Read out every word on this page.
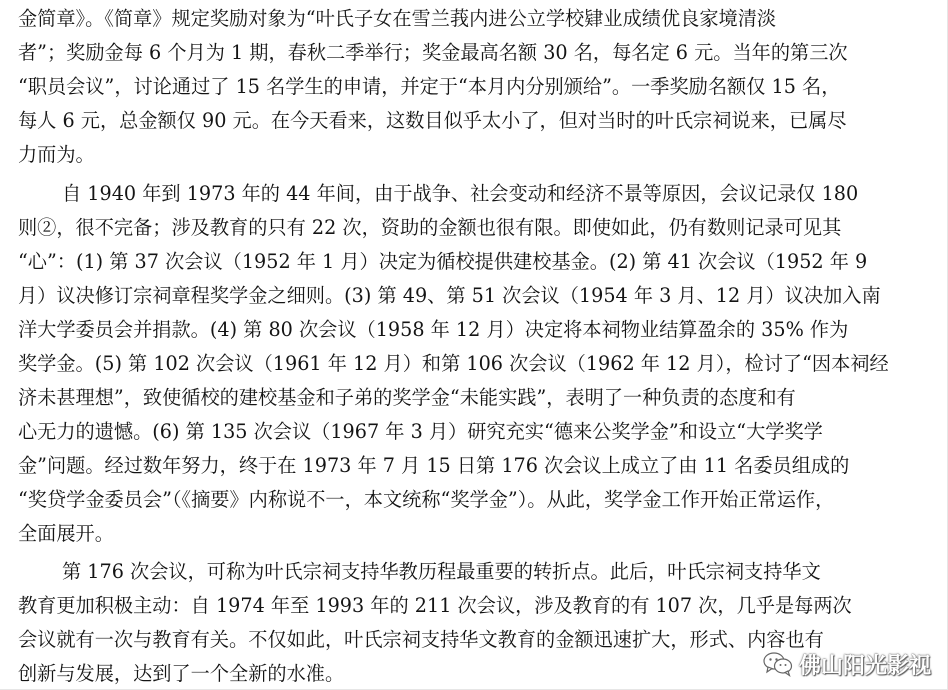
金简章》。《简章》规定奖励对象为“叶氏子女在雪兰莪内进公立学校肄业成绩优良家境清淡
者”；奖励金每 6 个月为 1 期，春秋二季举行；奖金最高名额 30 名，每名定 6 元。当年的第三次
“职员会议”，讨论通过了 15 名学生的申请，并定于“本月内分别颁给”。一季奖励名额仅 15 名，
每人 6 元，总金额仅 90 元。在今天看来，这数目似乎太小了，但对当时的叶氏宗祠说来，已属尽
力而为。
自 1940 年到 1973 年的 44 年间，由于战争、社会变动和经济不景等原因，会议记录仅 180
则②，很不完备；涉及教育的只有 22 次，资助的金额也很有限。即使如此，仍有数则记录可见其
“心”：(1) 第 37 次会议（1952 年 1 月）决定为循校提供建校基金。(2) 第 41 次会议（1952 年 9
月）议决修订宗祠章程奖学金之细则。(3) 第 49、第 51 次会议（1954 年 3 月、12 月）议决加入南
洋大学委员会并捐款。(4) 第 80 次会议（1958 年 12 月）决定将本祠物业结算盈余的 35% 作为
奖学金。(5) 第 102 次会议（1961 年 12 月）和第 106 次会议（1962 年 12 月），检讨了“因本祠经
济未甚理想”，致使循校的建校基金和子弟的奖学金“未能实践”，表明了一种负责的态度和有
心无力的遗憾。(6) 第 135 次会议（1967 年 3 月）研究充实“德来公奖学金”和设立“大学奖学
金”问题。经过数年努力，终于在 1973 年 7 月 15 日第 176 次会议上成立了由 11 名委员组成的
“奖贷学金委员会”（《摘要》内称说不一，本文统称“奖学金”）。从此，奖学金工作开始正常运作，
全面展开。
第 176 次会议，可称为叶氏宗祠支持华教历程最重要的转折点。此后，叶氏宗祠支持华文
教育更加积极主动：自 1974 年至 1993 年的 211 次会议，涉及教育的有 107 次，几乎是每两次
会议就有一次与教育有关。不仅如此，叶氏宗祠支持华文教育的金额迅速扩大，形式、内容也有
创新与发展，达到了一个全新的水准。	佛山阳光影视
